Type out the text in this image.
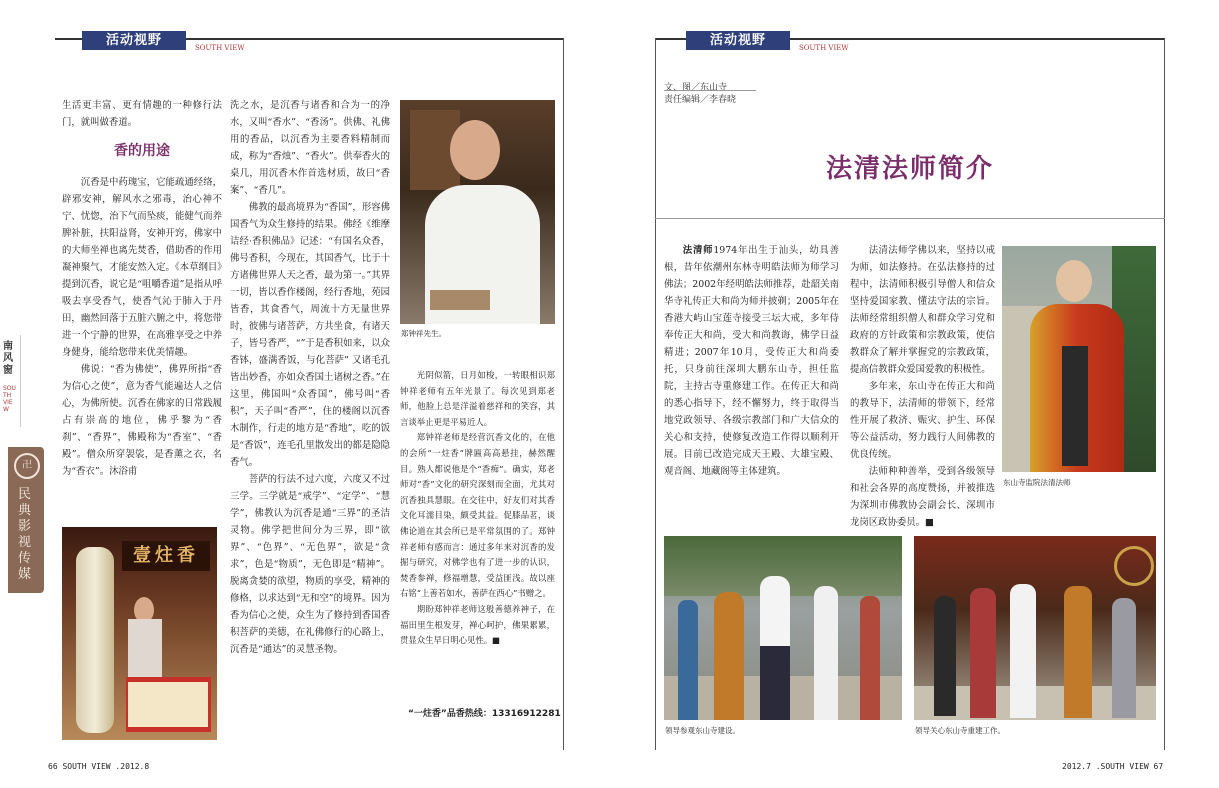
活动视野	SOUTH VIEW

生活更丰富、更有情趣的一种修行法门，就叫做香道。

香的用途

沉香是中药瑰宝，它能疏通经络，辟邪安神，解风水之邪毒，治心神不宁、忧惚，治下气而坠痰，能健气而养脾补脏，扶阳益肾，安神开窍，佛家中的大师坐禅也离先焚香，借助香的作用凝神聚气，才能安然入定。《本草纲目》提到沉香，说它是“咀嚼香道”是指从呼吸去享受香气，使香气沁于肺入于丹田，幽然回落于五脏六腑之中，将您带进一个宁静的世界，在高雅享受之中养身健身，能给您带来优美情趣。

佛说：“香为佛使”，佛界所指“香为信心之使”，意为香气能遍达人之信心，为佛所使。沉香在佛家的日常践履占有崇高的地位，佛乎黎为“香刹”、“香界”，佛殿称为“香室”、“香殿”。僧众所穿袈裟，是香薰之衣，名为“香衣”。沐浴甫

洗之水，是沉香与诸香和合为一的净水，又叫“香水”、“香汤”。供佛、礼佛用的香品，以沉香为主要香料精制而成，称为“香烛”、“香火”。供奉香火的桌几，用沉香木作首选材质，故曰“香案”、“香几”。

佛教的最高境界为“香国”，形容佛国香气为众生修持的结果。佛经《维摩诘经·香积佛品》记述：“有国名众香，佛号香积，今现在，其国香气，比于十方诸佛世界人天之香，最为第一。”其界一切，皆以香作楼阁，经行香地，苑园皆香，其食香气，周流十方无量世界时，彼佛与诸菩萨，方共坐食，有诸天子，皆号香严，“”于是香积如来，以众香钵，盛满香饭，与化菩萨” 又诸毛孔皆出妙香，亦如众香国土诸树之香。”在这里，佛国叫“众香国”，佛号叫“香积”，天子叫“香严”，住的楼阁以沉香木制作，行走的地方是“香地”，吃的饭是“香饭”，连毛孔里散发出的都是隐隐香气。

菩萨的行法不过六度，六度又不过三学。三学就是“戒学”、“定学”、“慧学”，佛教认为沉香是通“三界”的圣洁灵物。佛学把世间分为三界，即“欲界”、“色界”、“无色界”，欲是“贪求”，色是“物质”，无色即是“精神”。脱离贪婪的欲望，物质的享受，精神的修格，以求达到“无和空”的境界。因为香为信心之使，众生为了修持到香国香积菩萨的美德，在礼佛修行的心路上，沉香是“通达”的灵慧圣物。

郑钟祥先生。

光阴似箭，日月如梭，一转眼相识郑钟祥老师有五年光景了。每次见到郑老师，他脸上总是洋溢着慈祥和的笑容，其言谈举止更是平易近人。

郑钟祥老师是经营沉香文化的，在他的会所“一炷香”牌匾高高悬挂，赫然醒目。熟人都说他是个“香痴”。确实，郑老师对“香”文化的研究深刻而全面，尤其对沉香独具慧眼。在交往中，好友们对其香文化耳濡目染，颇受其益。促膝品茗，谈佛论道在其会所已是平常氛围的了。郑钟祥老师有感而言：通过多年来对沉香的发掘与研究，对佛学也有了进一步的认识，焚香参禅，修福增慧，受益匪浅。故以座右铭“上善若如水，善萨在西心”书赠之。

期盼郑钟祥老师这般善德养神子，在福田里生根发芽，禅心呵护，佛果累累，贯显众生早日明心见性。■

“一炷香”品香热线：13316912281
壹炷香
南风窗
SOUTH VIEW
卍
民典影视传媒
66 SOUTH VIEW .2012.8
活动视野	SOUTH VIEW
文、图／东山寺
责任编辑／李春晓
法清法师简介

法清师1974年出生于汕头，幼具善根，昔年依潮州东林寺明皓法师为师学习佛法；2002年经明皓法师推荐，赴韶关南华寺礼传正大和尚为师并披剃；2005年在香港大屿山宝莲寺接受三坛大戒，多年侍奉传正大和尚，受大和尚教诲，佛学日益精进；2007年10月，受传正大和尚委托，只身前往深圳大鹏东山寺，担任监院，主持古寺重修建工作。在传正大和尚的悉心指导下，经不懈努力，终于取得当地党政领导、各级宗教部门和广大信众的关心和支持，使修复改造工作得以顺利开展。目前已改造完成天王殿、大雄宝殿、观音阁、地藏阁等主体建筑。

法清法师学佛以来，坚持以戒为师，如法修持。在弘法修持的过程中，法清师积极引导僧人和信众坚持爱国家教、懂法守法的宗旨。法师经常组织僧人和群众学习党和政府的方针政策和宗教政策，使信教群众了解并掌握党的宗教政策，提高信教群众爱国爱教的积极性。

多年来，东山寺在传正大和尚的教导下，法清师的带领下，经常性开展了救济、赈灾、护生、环保等公益活动，努力践行人间佛教的优良传统。

法师种种善举，受到各级领导和社会各界的高度赞扬，并被推选为深圳市佛教协会副会长、深圳市龙岗区政协委员。■

东山寺监院法清法师
领导参观东山寺建设。	领导关心东山寺重建工作。
2012.7 .SOUTH VIEW 67
